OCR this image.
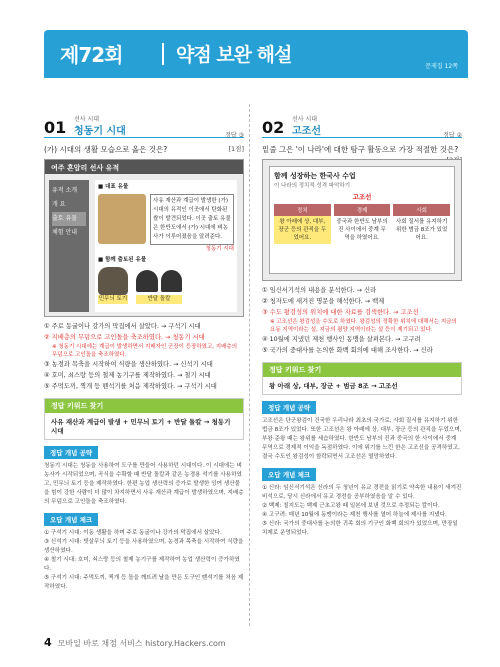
제72회	약점 보완 해설
문제집 12쪽
01 선사 시대
청동기 시대	정답 ③
(가) 시대의 생활 모습으로 옳은 것은?	[1점]
여주 흔암리 선사 유적
유적 소개
개 요
출토 유물
체험 안내
■ 대표 유물
사유 재산과 계급이 발생한 (가) 시대의 유적인 이곳에서 탄화된 쌀이 발견되었다. 이곳 출토 유물은 한반도에서 (가) 시대에 벼농사가 이루어졌음을 알려준다.
청동기 시대
■ 함께 출토된 유물
민무늬 토기	반달 돌칼
① 주로 동굴이나 강가의 막집에서 살았다. → 구석기 시대
② 지배층의 무덤으로 고인돌을 축조하였다. → 청동기 시대
※ 청동기 시대에는 계급이 발생하면서 지배자인 군장이 등장하였고, 지배층의 무덤으로 고인돌을 축조하였다.
③ 농경과 목축을 시작하여 식량을 생산하였다. → 신석기 시대
④ 호미, 쇠스랑 등의 철제 농기구를 제작하였다. → 철기 시대
⑤ 주먹도끼, 찍개 등 뗀석기를 처음 제작하였다. → 구석기 시대
정답 키워드 찾기
사유 재산과 계급이 발생 + 민무늬 토기 + 반달 돌칼 → 청동기 시대
정답 개념 공략
청동기 시대는 청동을 사용하여 도구를 만들어 사용하던 시대이다. 이 시대에는 벼농사가 시작되었으며, 곡식을 수확할 때 반달 돌칼과 같은 농경용 석기를 사용하였고, 민무늬 토기 등을 제작하였다. 한편 농업 생산력의 증가로 발생한 잉여 생산물을 힘이 강한 사람이 더 많이 차지하면서 사유 재산과 계급이 발생하였으며, 지배층의 무덤으로 고인돌을 축조하였다.
오답 개념 체크
① 구석기 시대: 이동 생활을 하며 주로 동굴이나 강가의 막집에서 살았다.
③ 신석기 시대: 빗살무늬 토기 등을 사용하였으며, 농경과 목축을 시작하여 식량을 생산하였다.
④ 철기 시대: 호미, 쇠스랑 등의 철제 농기구를 제작하여 농업 생산력이 증가하였다.
⑤ 구석기 시대: 주먹도끼, 찍개 등 돌을 깨뜨려 날을 만든 도구인 뗀석기를 처음 제작하였다.
02 선사 시대
고조선	정답 ②
밑줄 그은 '이 나라'에 대한 탐구 활동으로 가장 적절한 것은?

함께 성장하는 한국사 수업
이 나라의 정치적 성격 파악하기
고조선
정치
왕 아래에 상, 대부, 장군 등의 관직을 두었어요.
경제
중국과 한반도 남부의 진 사이에서 중계 무역을 하였어요.
사회
사회 질서를 유지하기 위한 범금 8조가 있었어요.
① 임신서기석의 내용을 분석한다. → 신라
② 청자도에 새겨진 명문을 해석한다. → 백제
③ 수도 왕검성의 위치에 대한 자료를 검색한다. → 고조선
※ 고조선은 왕검성을 수도로 하였다. 왕검성의 정확한 위치에 대해서는 지금의 요동 지역이라는 설, 지금의 평양 지역이라는 설 등이 제기되고 있다.
④ 10월에 지냈던 제천 행사인 동맹을 살펴본다. → 고구려
⑤ 국가의 중대사를 논의한 화백 회의에 대해 조사한다. → 신라
정답 키워드 찾기
왕 아래 상, 대부, 장군 + 범금 8조 → 고조선
정답 개념 공략
고조선은 단군왕검이 건국한 우리나라 최초의 국가로, 사회 질서를 유지하기 위한 법금 8조가 있었다. 또한 고조선은 왕 아래에 상, 대부, 장군 등의 관직을 두었으며, 부왕·준왕 때는 왕위를 세습하였다. 한반도 남부의 진과 중국의 한 사이에서 중계 무역으로 경제적 이익을 독점하였다. 이에 위기를 느낀 한은 고조선을 공격하였고, 결국 수도인 왕검성이 함락되면서 고조선은 멸망하였다.
오답 개념 체크
① 신라: 임신서기석은 신라의 두 청년이 유교 경전을 읽기로 약속한 내용이 새겨진 비석으로, 당시 신라에서 유교 경전을 공부하였음을 알 수 있다.
② 백제: 칠지도는 백제 근초고왕 때 일본에 보낸 것으로 추정되는 칼이다.
④ 고구려: 매년 10월에 동맹이라는 제천 행사를 열어 하늘에 제사를 지냈다.
⑤ 신라: 국가의 중대사를 논의한 귀족 회의 기구인 화백 회의가 있었으며, 만장일치제로 운영되었다.
4 모바일 바로 채점 서비스 history.Hackers.com
